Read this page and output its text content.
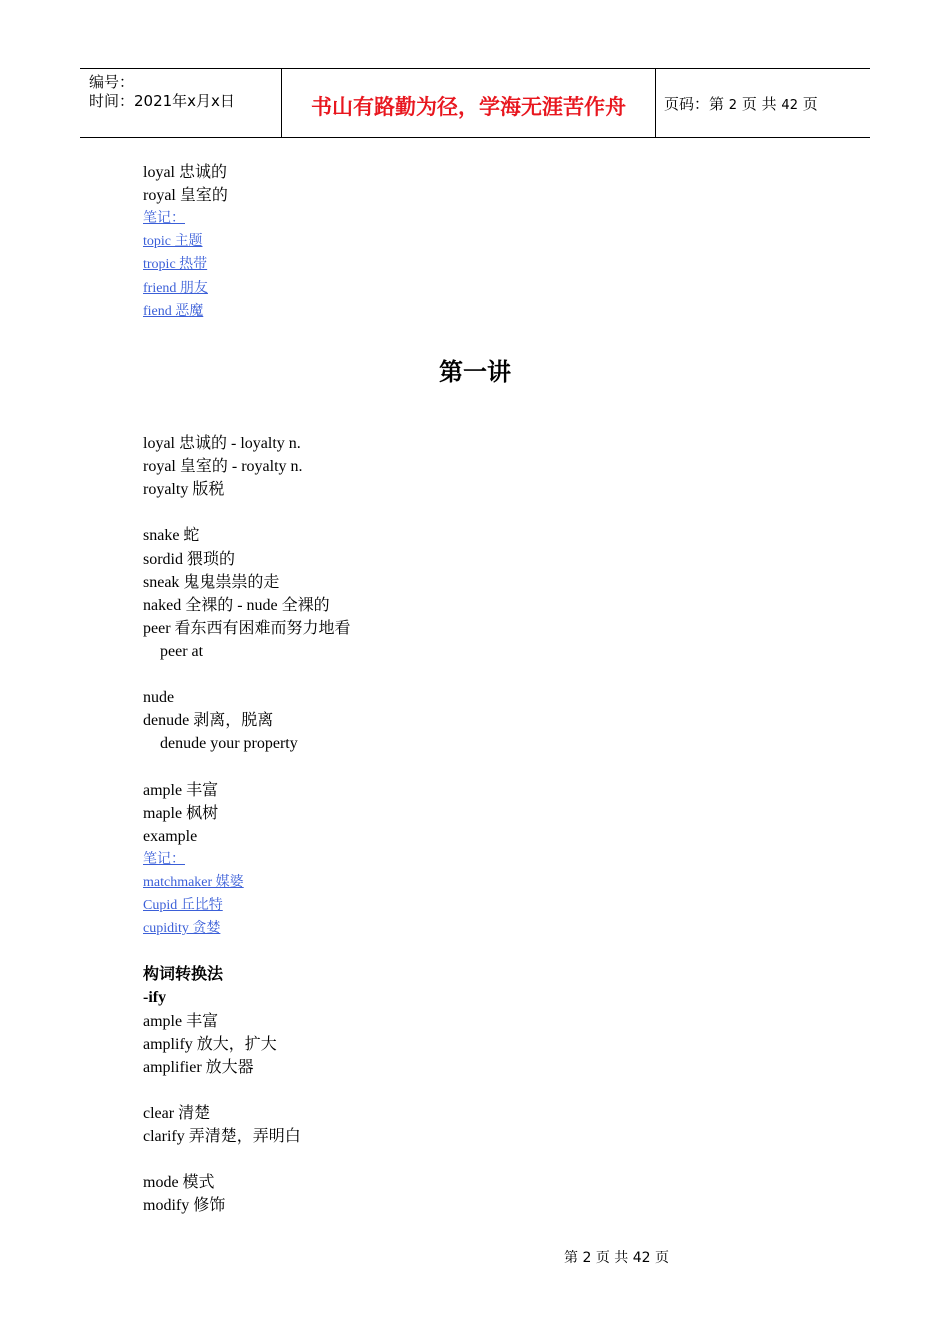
编号：
时间：2021年x月x日	书山有路勤为径，学海无涯苦作舟	页码：第 2 页 共 42 页
loyal 忠诚的
royal 皇室的
笔记：
topic 主题
tropic 热带
friend 朋友
fiend 恶魔
第一讲
loyal 忠诚的 - loyalty n.
royal 皇室的 - royalty n.
royalty 版税
snake 蛇
sordid 猥琐的
sneak 鬼鬼祟祟的走
naked 全裸的 - nude 全裸的
peer 看东西有困难而努力地看
peer at
nude
denude 剥离，脱离
denude your property
ample 丰富
maple 枫树
example
笔记：
matchmaker 媒婆
Cupid 丘比特
cupidity 贪婪
构词转换法
-ify
ample 丰富
amplify 放大，扩大
amplifier 放大器
clear 清楚
clarify 弄清楚，弄明白
mode 模式
modify 修饰
第 2 页 共 42 页
